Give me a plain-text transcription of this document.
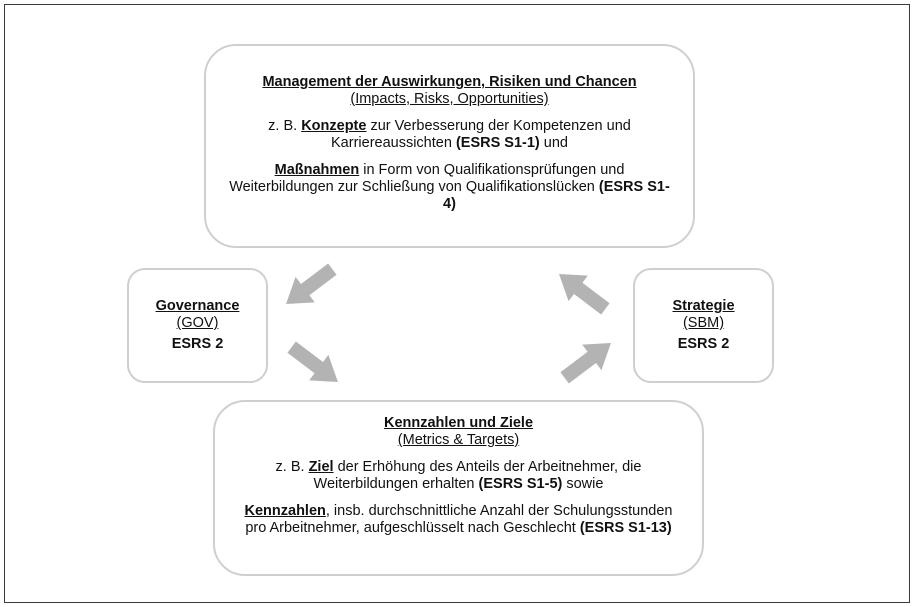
Management der Auswirkungen, Risiken und Chancen
(Impacts, Risks, Opportunities)
z. B. Konzepte zur Verbesserung der Kompetenzen und Karriereaussichten (ESRS S1-1) und
Maßnahmen in Form von Qualifikationsprüfungen und Weiterbildungen zur Schließung von Qualifikationslücken (ESRS S1-4)
Governance
(GOV)
ESRS 2
Strategie
(SBM)
ESRS 2
Kennzahlen und Ziele
(Metrics & Targets)
z. B. Ziel der Erhöhung des Anteils der Arbeitnehmer, die Weiterbildungen erhalten (ESRS S1-5) sowie
Kennzahlen, insb. durchschnittliche Anzahl der Schulungsstunden pro Arbeitnehmer, aufgeschlüsselt nach Geschlecht (ESRS S1-13)
